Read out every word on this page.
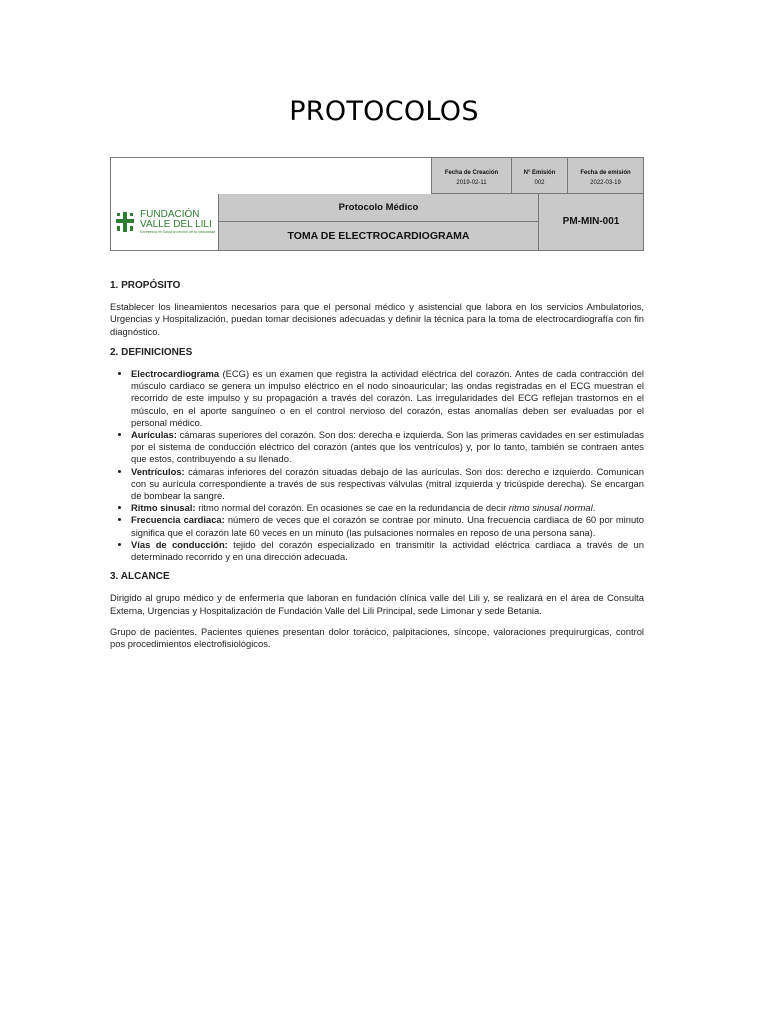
PROTOCOLOS
FUNDACIÓN
VALLE DEL LILI
Excelencia en Salud al servicio de la comunidad
Fecha de Creación
2019-02-11
N° Emisión
002
Fecha de emisión
2022-03-19
Protocolo Médico
TOMA DE ELECTROCARDIOGRAMA
PM-MIN-001
1. PROPÓSITO

Establecer los lineamientos necesarios para que el personal médico y asistencial que labora en los servicios Ambulatorios, Urgencias y Hospitalización, puedan tomar decisiones adecuadas y definir la técnica para la toma de electrocardiografía con fin diagnóstico.

2. DEFINICIONES
• Electrocardiograma (ECG) es un examen que registra la actividad eléctrica del corazón. Antes de cada contracción del músculo cardiaco se genera un impulso eléctrico en el nodo sinoauricular; las ondas registradas en el ECG muestran el recorrido de este impulso y su propagación a través del corazón. Las irregularidades del ECG reflejan trastornos en el músculo, en el aporte sanguíneo o en el control nervioso del corazón, estas anomalías deben ser evaluadas por el personal médico.
• Aurículas: cámaras superiores del corazón. Son dos: derecha e izquierda. Son las primeras cavidades en ser estimuladas por el sistema de conducción eléctrico del corazón (antes que los ventrículos) y, por lo tanto, también se contraen antes que estos, contribuyendo a su llenado.
• Ventrículos: cámaras inferiores del corazón situadas debajo de las aurículas. Son dos: derecho e izquierdo. Comunican con su aurícula correspondiente a través de sus respectivas válvulas (mitral izquierda y tricúspide derecha). Se encargan de bombear la sangre.
• Ritmo sinusal: ritmo normal del corazón. En ocasiones se cae en la redundancia de decir ritmo sinusal normal.
• Frecuencia cardiaca: número de veces que el corazón se contrae por minuto. Una frecuencia cardiaca de 60 por minuto significa que el corazón late 60 veces en un minuto (las pulsaciones normales en reposo de una persona sana).
• Vías de conducción: tejido del corazón especializado en transmitir la actividad eléctrica cardiaca a través de un determinado recorrido y en una dirección adecuada.
3. ALCANCE

Dirigido al grupo médico y de enfermería que laboran en fundación clínica valle del Lili y, se realizará en el área de Consulta Externa, Urgencias y Hospitalización de Fundación Valle del Lili Principal, sede Limonar y sede Betania.

Grupo de pacientes. Pacientes quienes presentan dolor torácico, palpitaciones, síncope, valoraciones prequirurgicas, control pos procedimientos electrofisiológicos.
